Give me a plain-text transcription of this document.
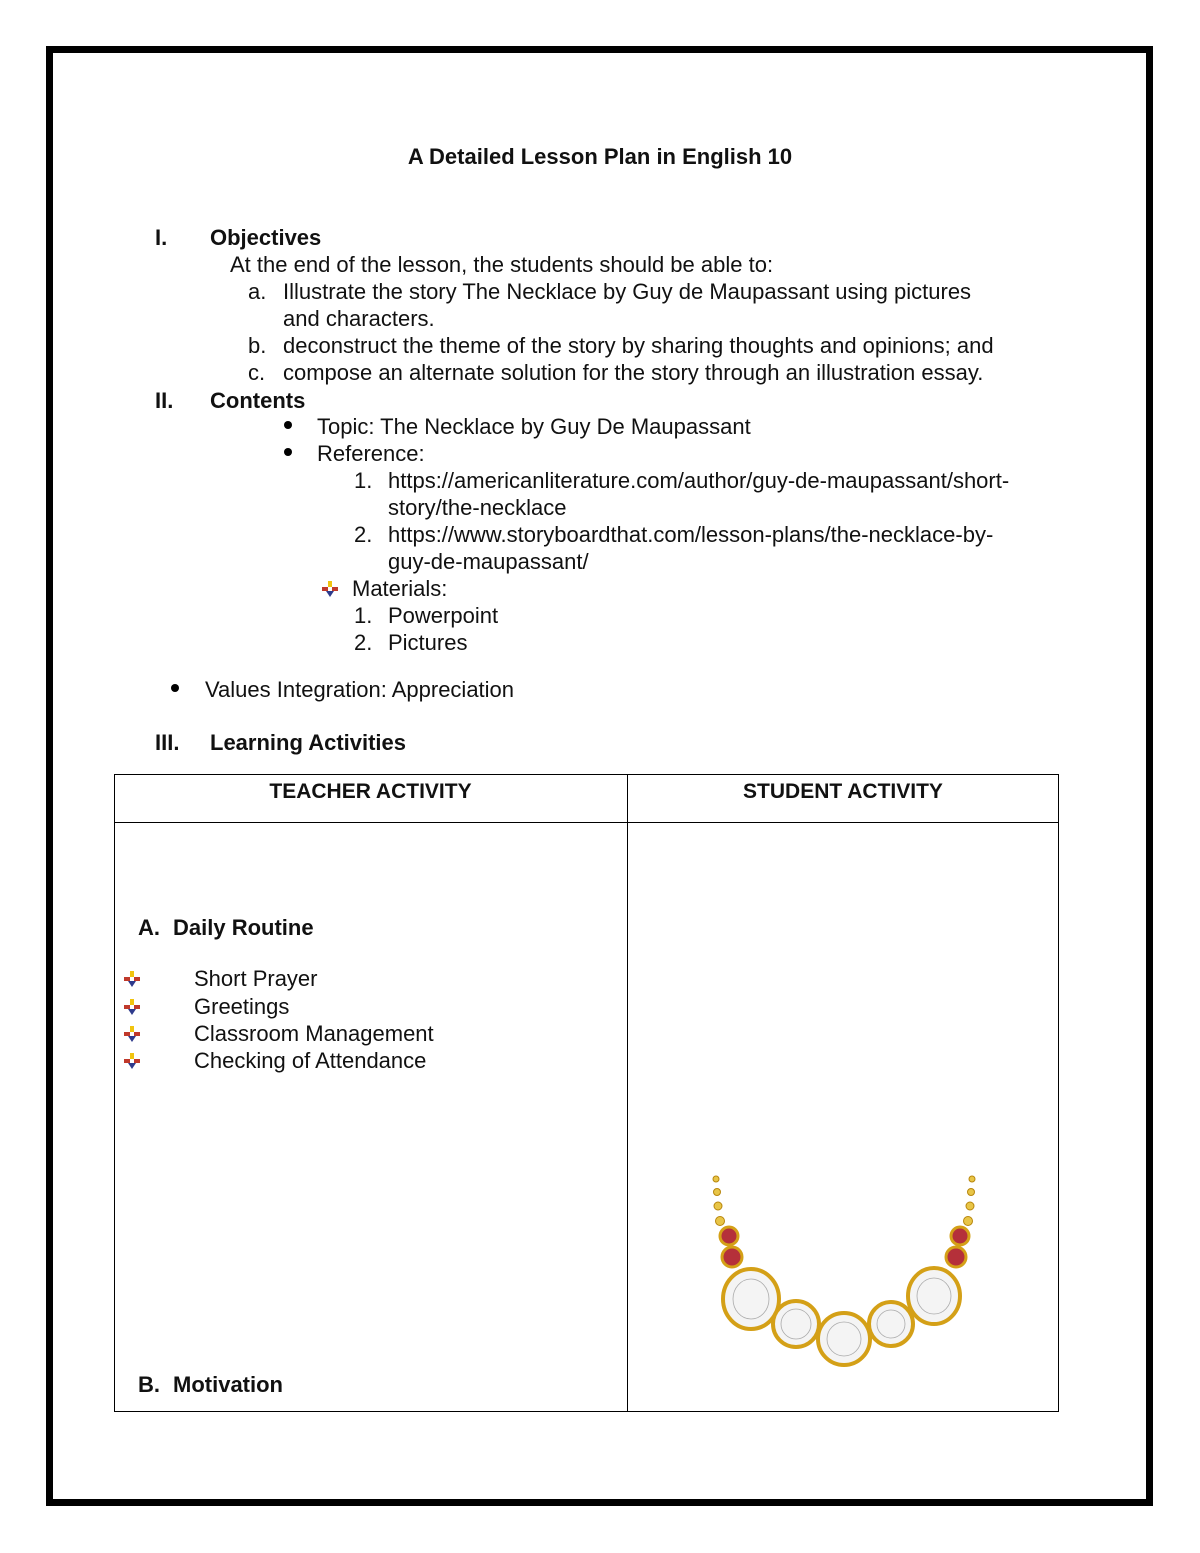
A Detailed Lesson Plan in English 10
I. Objectives
At the end of the lesson, the students should be able to:
a. Illustrate the story The Necklace by Guy de Maupassant using pictures
and characters.
b. deconstruct the theme of the story by sharing thoughts and opinions; and
c. compose an alternate solution for the story through an illustration essay.
II. Contents
Topic: The Necklace by Guy De Maupassant
Reference:
1. https://americanliterature.com/author/guy-de-maupassant/short-
story/the-necklace
2. https://www.storyboardthat.com/lesson-plans/the-necklace-by-
guy-de-maupassant/
Materials:
1. Powerpoint
2. Pictures
Values Integration: Appreciation
III. Learning Activities
TEACHER ACTIVITY	STUDENT ACTIVITY
A. Daily Routine
Short Prayer
Greetings
Classroom Management
Checking of Attendance
B. Motivation
